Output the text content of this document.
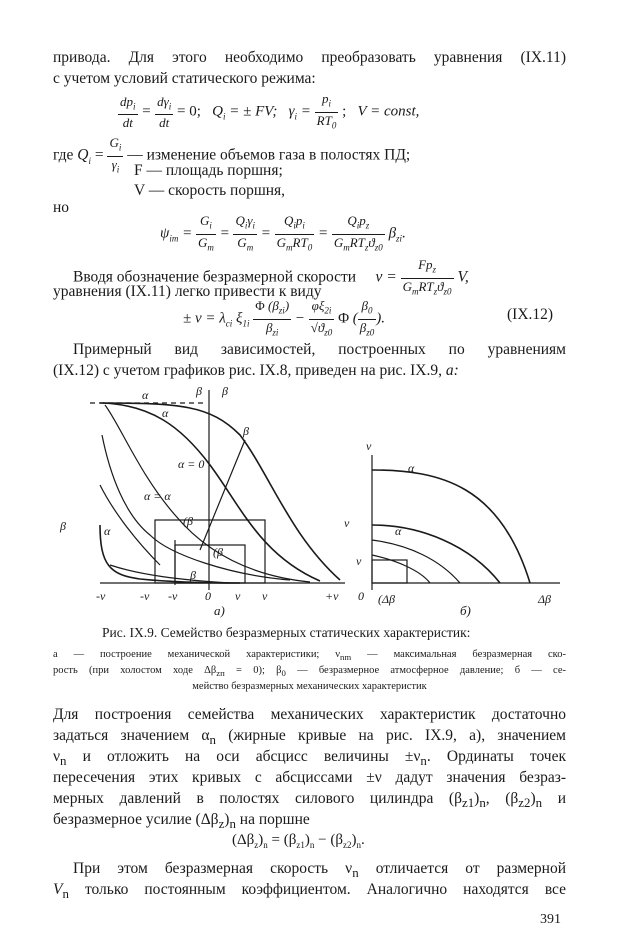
привода. Для этого необходимо преобразовать уравнения (IX.11)

с учетом условий статического режима:

$\frac{dp_i}{dt} = \frac{d\gamma_i}{dt} = 0$; $Q_i$ = ± FV; $\gamma_i = \frac{p_i}{RT_0}$ ; V = const,
где $Q_i = \frac{G_i}{\gamma_i}$ — изменение объемов газа в полостях ПД;

F — площадь поршня;

V — скорость поршня,

но

$\psi_{im} = \frac{G_i}{G_m} = \frac{Q_i\gamma_i}{G_m} = \frac{Q_ip_i}{G_mRT_0} = \frac{Q_ip_z}{G_mRT_zϑ_{z0}} \beta_{zi}$.
Вводя обозначение безразмерной скорости $\nu = \frac{Fp_z}{G_mRT_zϑ_{z0}} V$,

уравнения (IX.11) легко привести к виду

± $\nu = \lambda_{ci}$ $\xi_{1i} \frac{\Phi (\beta_{zi})}{\beta_{zi}} - \frac{\varphi\xi_{2i}}{√ϑ_{z0}}$ Φ ( $\frac{\beta_0}{\beta_{z0}}$ ).	(IX.12)

Примерный вид зависимостей, построенных по уравнениям

(IX.12) с учетом графиков рис. IX.8, приведен на рис. IX.9, а:
α	β β
α
β
α = 0
α = α
β	α
(β
(β
β
-ν	-ν -ν 0 ν ν	+ν
а)
ν
α
ν
α
ν
0 (Δβ	Δβ
б)

Рис. IX.9. Семейство безразмерных статических характеристик:

а — построение механической характеристики; $\nu_{nm}$ — максимальная безразмерная ско-
рость (при холостом ходе $\Delta\beta_{zп} = 0$); $\beta_0$ — безразмерное атмосферное давление; б — се-
мейство безразмерных механических характеристик

Для построения семейства механических характеристик достаточно

задаться значением $\alpha_n$ (жирные кривые на рис. IX.9, а), значением
$\nu_n$ и отложить на оси абсцисс величины $\pm\nu_n$. Ординаты точек

пересечения этих кривых с абсциссами ±ν дадут значения безраз-

мерных давлений в полостях силового цилиндра $(\beta_{z1})_n$, $(\beta_{z2})_n$ и
безразмерное усилие $(\Delta\beta_z)_n$ на поршне
$(\Delta\beta_z)_n = (\beta_{z1})_n - (\beta_{z2})_n$.
При этом безразмерная скорость $\nu_n$ отличается от размерной
$V_n$ только постоянным коэффициентом. Аналогично находятся все

391
